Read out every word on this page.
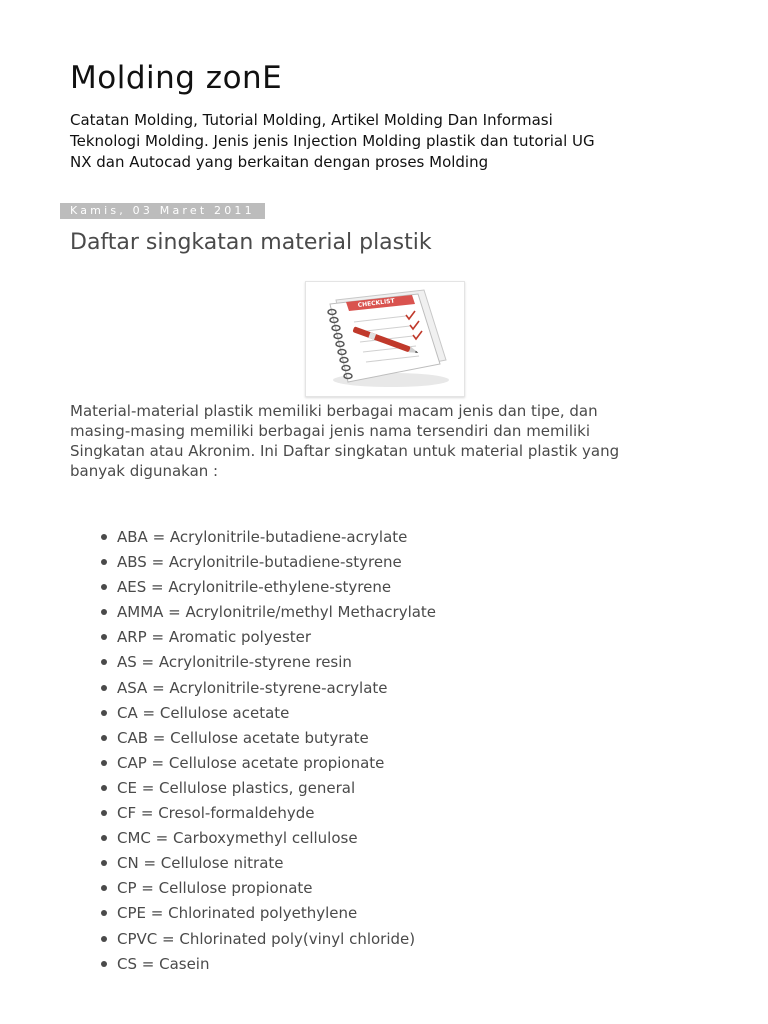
Molding zonE
Catatan Molding, Tutorial Molding, Artikel Molding Dan Informasi
Teknologi Molding. Jenis jenis Injection Molding plastik dan tutorial UG
NX dan Autocad yang berkaitan dengan proses Molding
Kamis, 03 Maret 2011
Daftar singkatan material plastik
CHECKLIST
Material-material plastik memiliki berbagai macam jenis dan tipe, dan
masing-masing memiliki berbagai jenis nama tersendiri dan memiliki
Singkatan atau Akronim. Ini Daftar singkatan untuk material plastik yang
banyak digunakan :
ABA = Acrylonitrile-butadiene-acrylate
ABS = Acrylonitrile-butadiene-styrene
AES = Acrylonitrile-ethylene-styrene
AMMA = Acrylonitrile/methyl Methacrylate
ARP = Aromatic polyester
AS = Acrylonitrile-styrene resin
ASA = Acrylonitrile-styrene-acrylate
CA = Cellulose acetate
CAB = Cellulose acetate butyrate
CAP = Cellulose acetate propionate
CE = Cellulose plastics, general
CF = Cresol-formaldehyde
CMC = Carboxymethyl cellulose
CN = Cellulose nitrate
CP = Cellulose propionate
CPE = Chlorinated polyethylene
CPVC = Chlorinated poly(vinyl chloride)
CS = Casein
